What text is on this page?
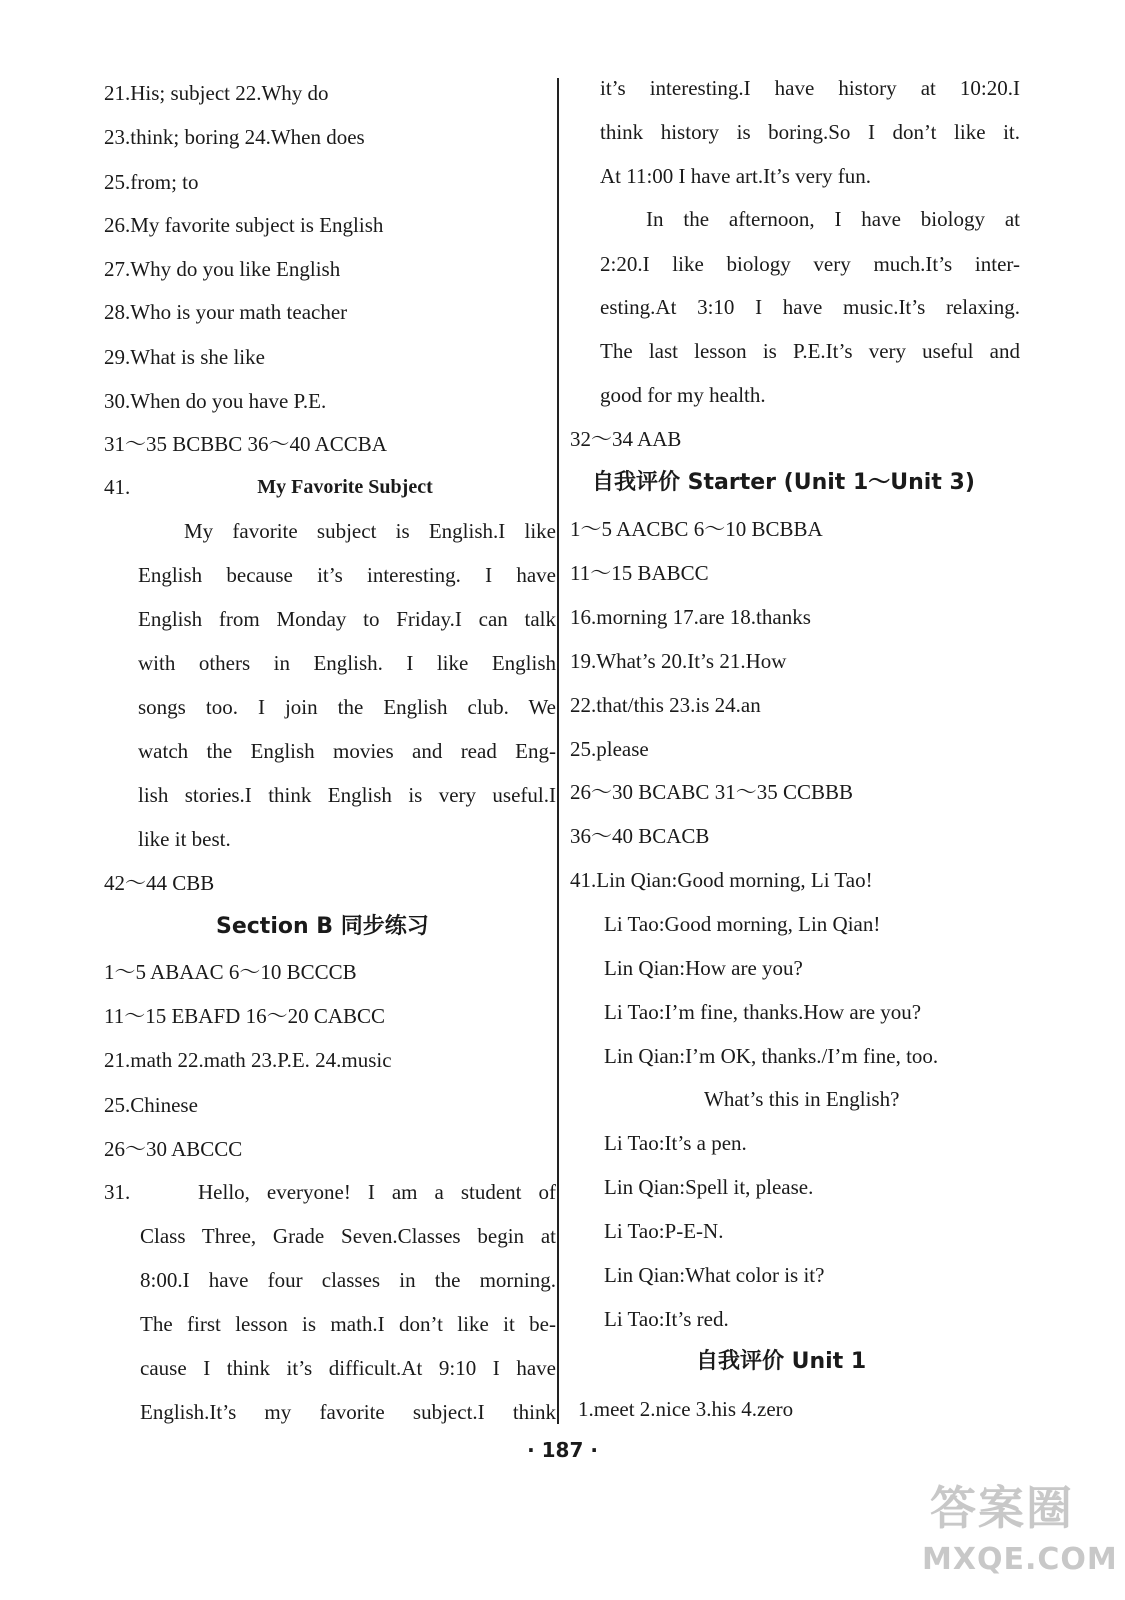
21.His; subject 22.Why do
23.think; boring 24.When does
25.from; to
26.My favorite subject is English
27.Why do you like English
28.Who is your math teacher
29.What is she like
30.When do you have P.E.
31～35 BCBBC 36～40 ACCBA
41.	My Favorite Subject
My favorite subject is English.I like
English because it’s interesting. I have
English from Monday to Friday.I can talk
with others in English. I like English
songs too. I join the English club. We
watch the English movies and read Eng-
lish stories.I think English is very useful.I
like it best.
42～44 CBB
Section B 同步练习
1～5 ABAAC 6～10 BCCCB
11～15 EBAFD 16～20 CABCC
21.math 22.math 23.P.E. 24.music
25.Chinese
26～30 ABCCC
31.	Hello, everyone! I am a student of
Class Three, Grade Seven.Classes begin at
8:00.I have four classes in the morning.
The first lesson is math.I don’t like it be-
cause I think it’s difficult.At 9:10 I have
English.It’s my favorite subject.I think
it’s interesting.I have history at 10:20.I
think history is boring.So I don’t like it.
At 11:00 I have art.It’s very fun.
In the afternoon, I have biology at
2:20.I like biology very much.It’s inter-
esting.At 3:10 I have music.It’s relaxing.
The last lesson is P.E.It’s very useful and
good for my health.
32～34 AAB
自我评价 Starter (Unit 1～Unit 3)
1～5 AACBC 6～10 BCBBA
11～15 BABCC
16.morning 17.are 18.thanks
19.What’s 20.It’s 21.How
22.that/this 23.is 24.an
25.please
26～30 BCABC 31～35 CCBBB
36～40 BCACB
41.Lin Qian:Good morning, Li Tao!
Li Tao:Good morning, Lin Qian!
Lin Qian:How are you?
Li Tao:I’m fine, thanks.How are you?
Lin Qian:I’m OK, thanks./I’m fine, too.
What’s this in English?
Li Tao:It’s a pen.
Lin Qian:Spell it, please.
Li Tao:P-E-N.
Lin Qian:What color is it?
Li Tao:It’s red.
自我评价 Unit 1
1.meet 2.nice 3.his 4.zero
· 187 ·
答案圈
MXQE.COM
